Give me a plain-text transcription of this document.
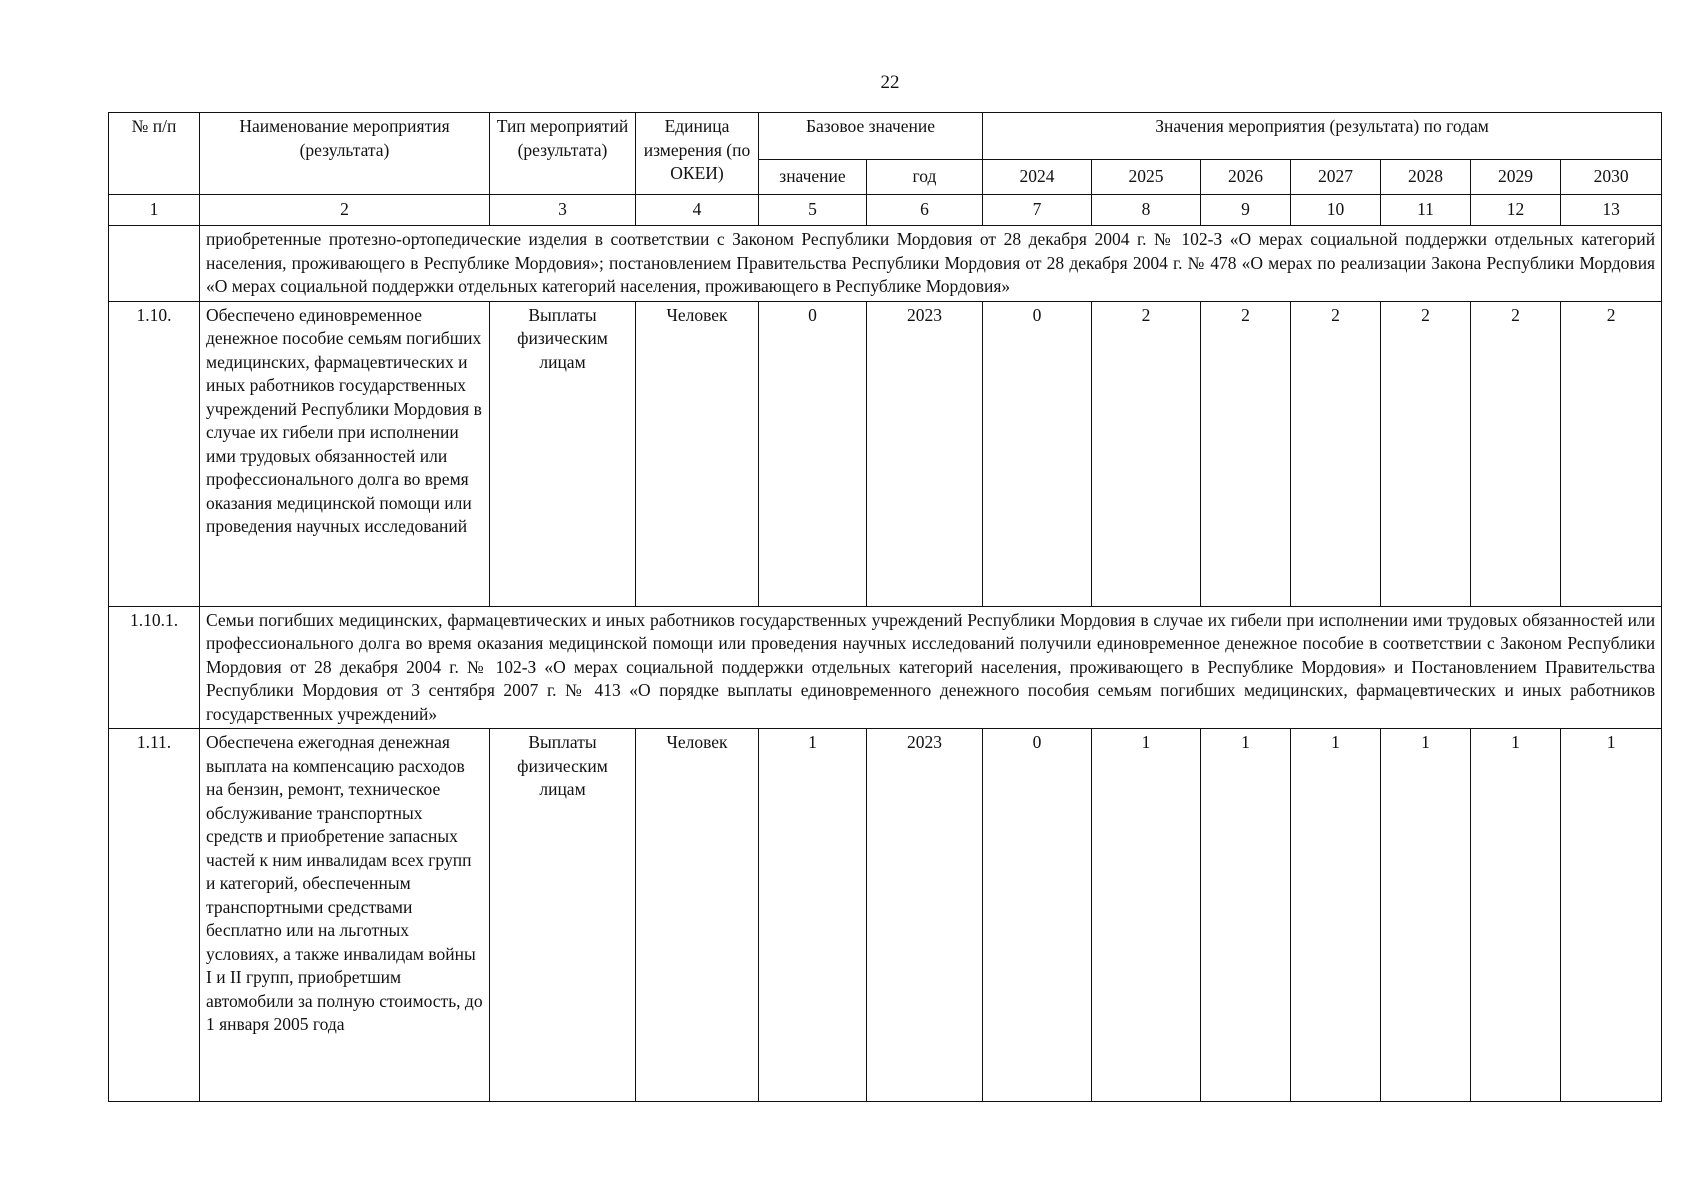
22
№ п/п	Наименование мероприятия (результата)	Тип мероприятий (результата)	Единица измерения (по ОКЕИ)	Базовое значение		Значения мероприятия (результата) по годам						
				значение	год	2024	2025	2026	2027	2028	2029	2030
1	2	3	4	5	6	7	8	9	10	11	12	13
	приобретенные протезно-ортопедические изделия в соответствии с Законом Республики Мордовия от 28 декабря 2004 г. № 102-З «О мерах социальной поддержки отдельных категорий населения, проживающего в Республике Мордовия»; постановлением Правительства Республики Мордовия от 28 декабря 2004 г. № 478 «О мерах по реализации Закона Республики Мордовия «О мерах социальной поддержки отдельных категорий населения, проживающего в Республике Мордовия»											
1.10.	Обеспечено единовременное денежное пособие семьям погибших медицинских, фармацевтических и иных работников государственных учреждений Республики Мордовия в случае их гибели при исполнении ими трудовых обязанностей или профессионального долга во время оказания медицинской помощи или проведения научных исследований	Выплаты физическим лицам	Человек	0	2023	0	2	2	2	2	2	2
1.10.1.	Семьи погибших медицинских, фармацевтических и иных работников государственных учреждений Республики Мордовия в случае их гибели при исполнении ими трудовых обязанностей или профессионального долга во время оказания медицинской помощи или проведения научных исследований получили единовременное денежное пособие в соответствии с Законом Республики Мордовия от 28 декабря 2004 г. № 102-З «О мерах социальной поддержки отдельных категорий населения, проживающего в Республике Мордовия» и Постановлением Правительства Республики Мордовия от 3 сентября 2007 г. № 413 «О порядке выплаты единовременного денежного пособия семьям погибших медицинских, фармацевтических и иных работников государственных учреждений»											
1.11.	Обеспечена ежегодная денежная выплата на компенсацию расходов на бензин, ремонт, техническое обслуживание транспортных средств и приобретение запасных частей к ним инвалидам всех групп и категорий, обеспеченным транспортными средствами бесплатно или на льготных условиях, а также инвалидам войны I и II групп, приобретшим автомобили за полную стоимость, до 1 января 2005 года	Выплаты физическим лицам	Человек	1	2023	0	1	1	1	1	1	1
